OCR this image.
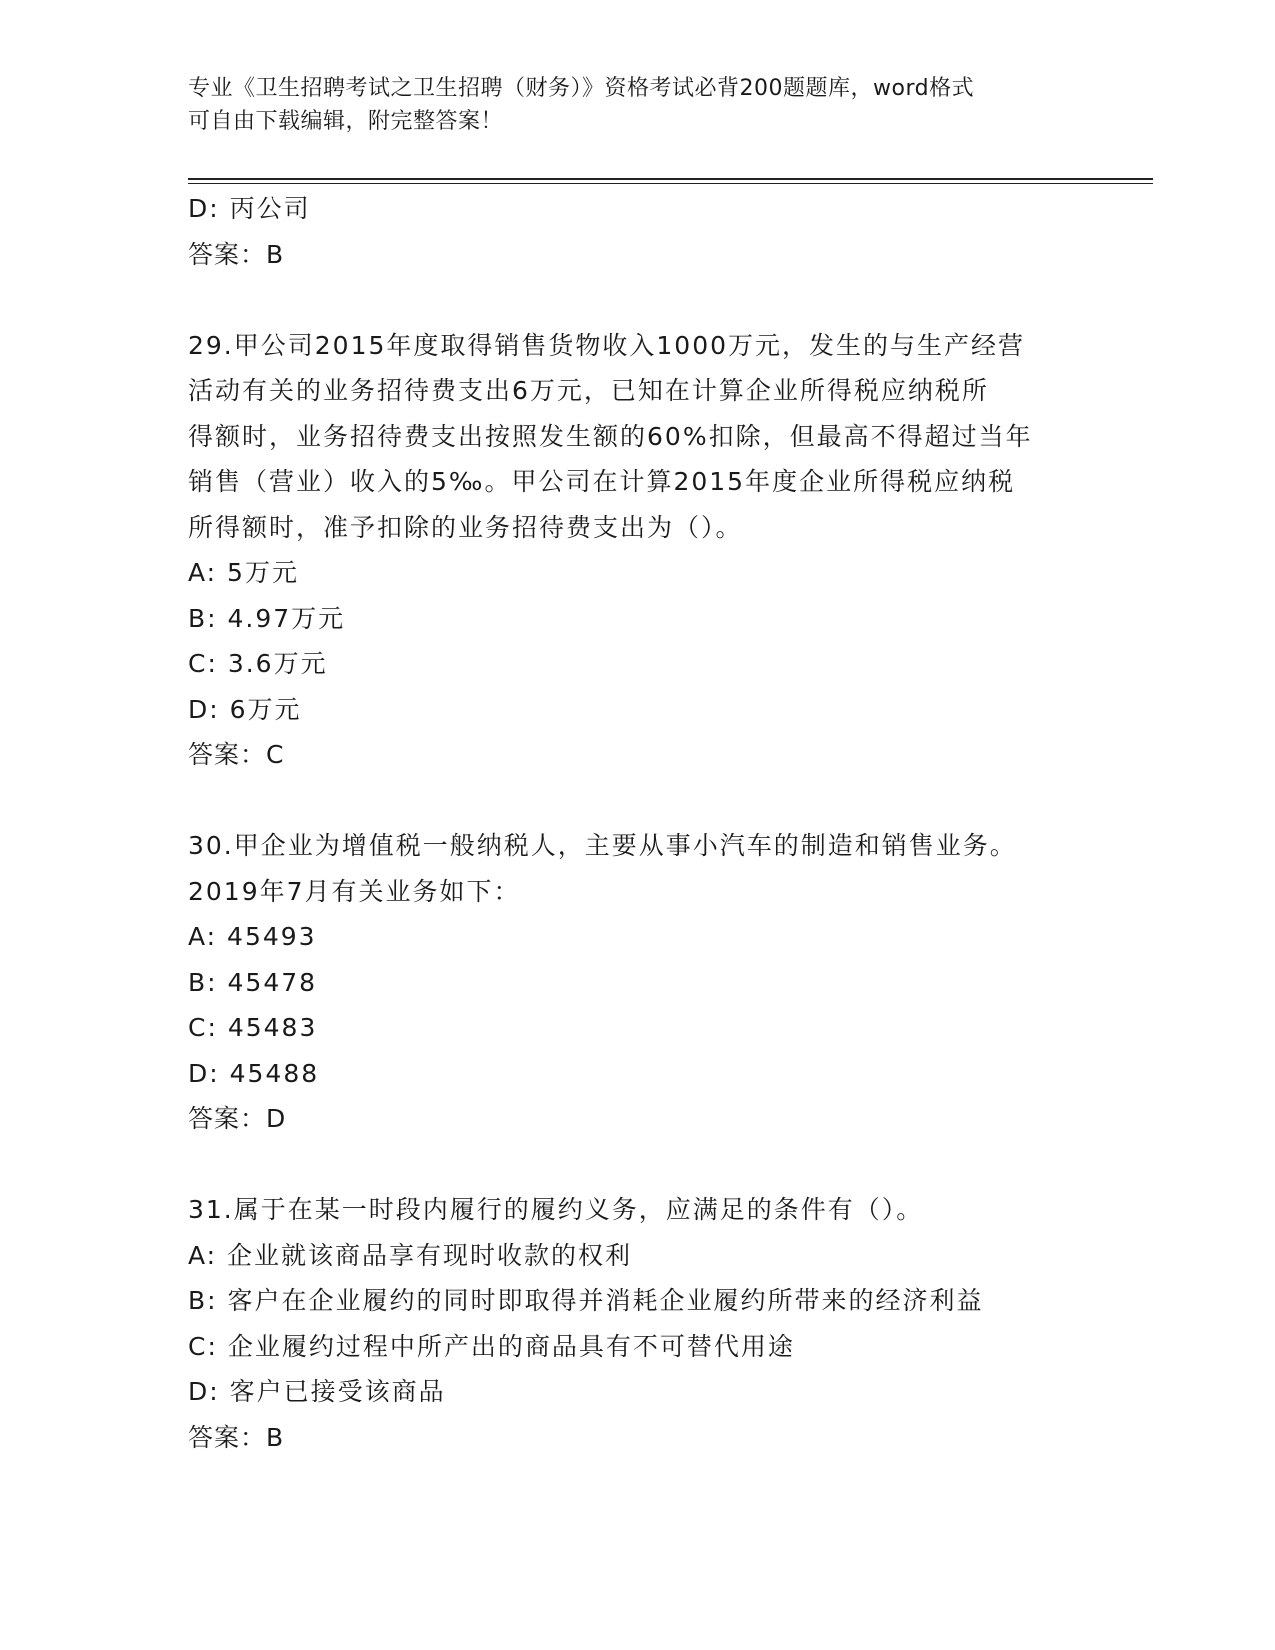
专业《卫生招聘考试之卫生招聘（财务）》资格考试必背200题题库，word格式
可自由下载编辑，附完整答案！
D: 丙公司
答案：B
29.甲公司2015年度取得销售货物收入1000万元，发生的与生产经营
活动有关的业务招待费支出6万元，已知在计算企业所得税应纳税所
得额时，业务招待费支出按照发生额的60%扣除，但最高不得超过当年
销售（营业）收入的5‰。甲公司在计算2015年度企业所得税应纳税
所得额时，准予扣除的业务招待费支出为（）。
A: 5万元
B: 4.97万元
C: 3.6万元
D: 6万元
答案：C
30.甲企业为增值税一般纳税人，主要从事小汽车的制造和销售业务。
2019年7月有关业务如下：
A: 45493
B: 45478
C: 45483
D: 45488
答案：D
31.属于在某一时段内履行的履约义务，应满足的条件有（）。
A: 企业就该商品享有现时收款的权利
B: 客户在企业履约的同时即取得并消耗企业履约所带来的经济利益
C: 企业履约过程中所产出的商品具有不可替代用途
D: 客户已接受该商品
答案：B
